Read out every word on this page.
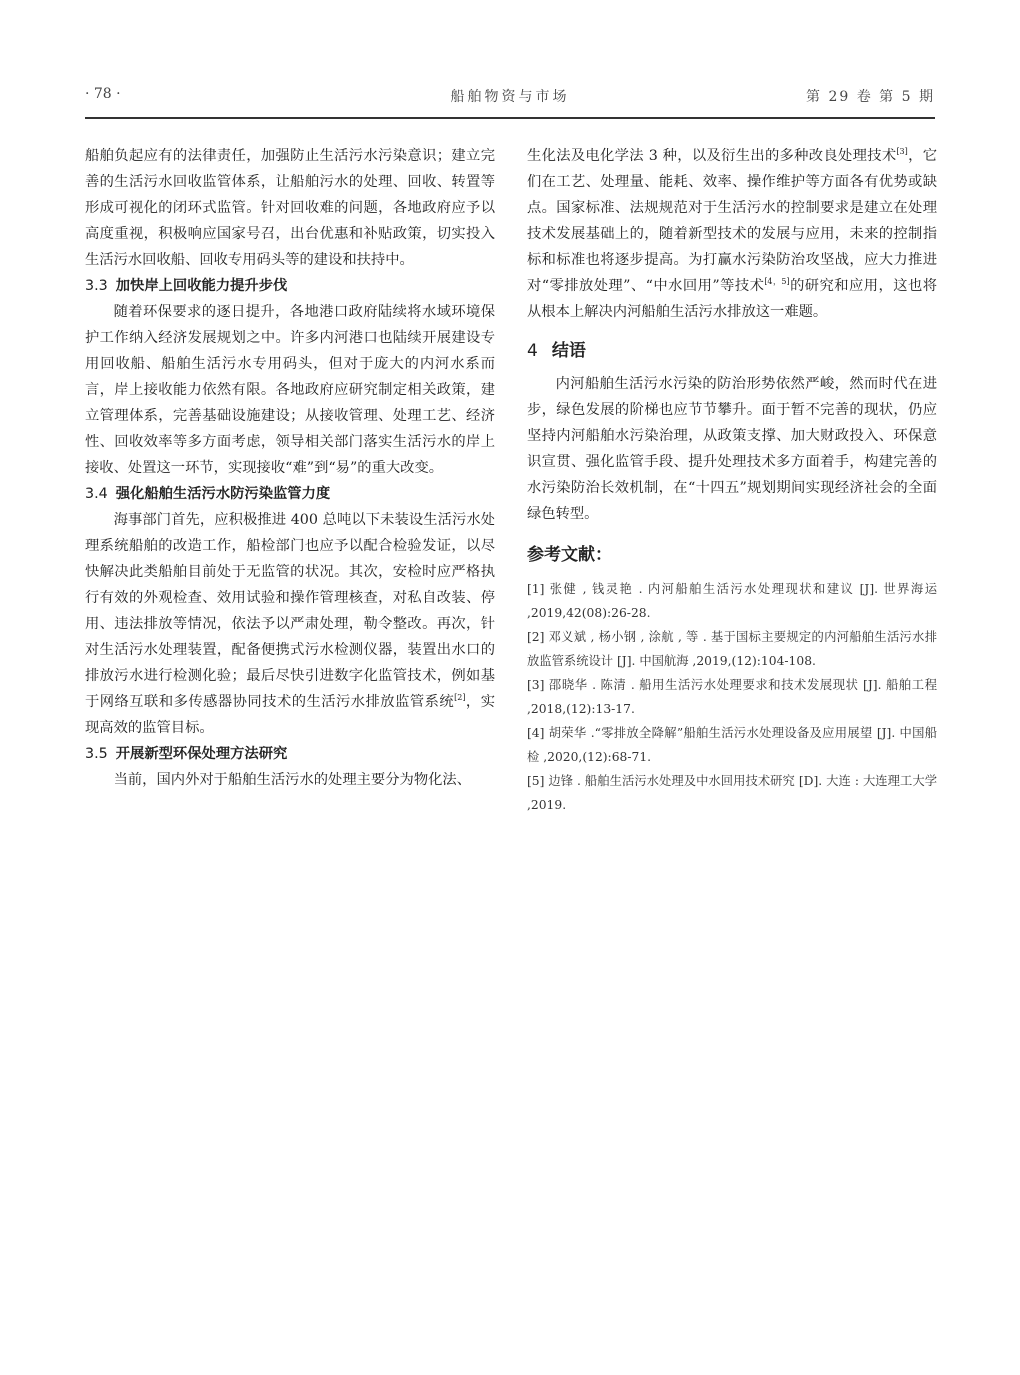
· 78 ·	船舶物资与市场	第 29 卷 第 5 期

船舶负起应有的法律责任，加强防止生活污水污染意识；建立完善的生活污水回收监管体系，让船舶污水的处理、回收、转置等形成可视化的闭环式监管。针对回收难的问题，各地政府应予以高度重视，积极响应国家号召，出台优惠和补贴政策，切实投入生活污水回收船、回收专用码头等的建设和扶持中。

3.3 加快岸上回收能力提升步伐

随着环保要求的逐日提升，各地港口政府陆续将水域环境保护工作纳入经济发展规划之中。许多内河港口也陆续开展建设专用回收船、船舶生活污水专用码头，但对于庞大的内河水系而言，岸上接收能力依然有限。各地政府应研究制定相关政策，建立管理体系，完善基础设施建设；从接收管理、处理工艺、经济性、回收效率等多方面考虑，领导相关部门落实生活污水的岸上接收、处置这一环节，实现接收“难”到“易”的重大改变。

3.4 强化船舶生活污水防污染监管力度

海事部门首先，应积极推进 400 总吨以下未装设生活污水处理系统船舶的改造工作，船检部门也应予以配合检验发证，以尽快解决此类船舶目前处于无监管的状况。其次，安检时应严格执行有效的外观检查、效用试验和操作管理核查，对私自改装、停用、违法排放等情况，依法予以严肃处理，勒令整改。再次，针对生活污水处理装置，配备便携式污水检测仪器，装置出水口的排放污水进行检测化验；最后尽快引进数字化监管技术，例如基于网络互联和多传感器协同技术的生活污水排放监管系统[2]，实现高效的监管目标。

3.5 开展新型环保处理方法研究

当前，国内外对于船舶生活污水的处理主要分为物化法、

生化法及电化学法 3 种，以及衍生出的多种改良处理技术[3]，它们在工艺、处理量、能耗、效率、操作维护等方面各有优势或缺点。国家标准、法规规范对于生活污水的控制要求是建立在处理技术发展基础上的，随着新型技术的发展与应用，未来的控制指标和标准也将逐步提高。为打赢水污染防治攻坚战，应大力推进对“零排放处理”、“中水回用”等技术[4，5]的研究和应用，这也将从根本上解决内河船舶生活污水排放这一难题。

4 结语

内河船舶生活污水污染的防治形势依然严峻，然而时代在进步，绿色发展的阶梯也应节节攀升。面于暂不完善的现状，仍应坚持内河船舶水污染治理，从政策支撑、加大财政投入、环保意识宣贯、强化监管手段、提升处理技术多方面着手，构建完善的水污染防治长效机制，在“十四五”规划期间实现经济社会的全面绿色转型。

参考文献：

[1] 张健 , 钱灵艳 . 内河船舶生活污水处理现状和建议 [J]. 世界海运 ,2019,42(08):26-28.

[2] 邓义斌 , 杨小钢 , 涂航 , 等 . 基于国标主要规定的内河船舶生活污水排放监管系统设计 [J]. 中国航海 ,2019,(12):104-108.

[3] 邵晓华 . 陈清 . 船用生活污水处理要求和技术发展现状 [J]. 船舶工程 ,2018,(12):13-17.

[4] 胡荣华 .“零排放全降解”船舶生活污水处理设备及应用展望 [J]. 中国船检 ,2020,(12):68-71.

[5] 边锋 . 船舶生活污水处理及中水回用技术研究 [D]. 大连 : 大连理工大学 ,2019.
